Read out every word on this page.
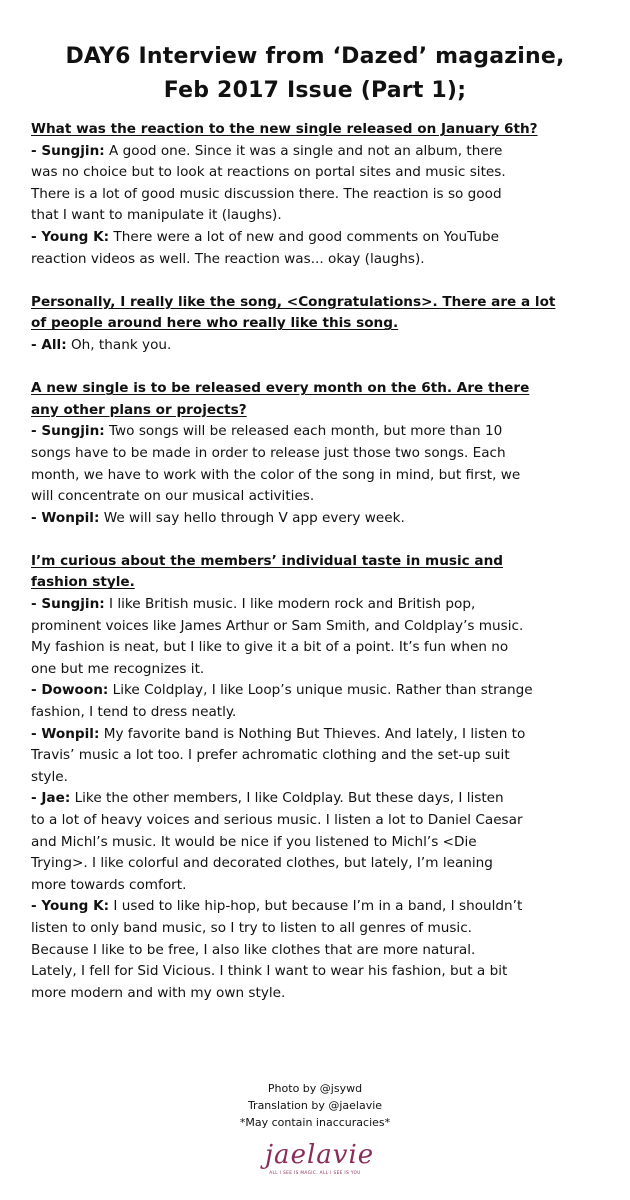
DAY6 Interview from ‘Dazed’ magazine,
Feb 2017 Issue (Part 1);
What was the reaction to the new single released on January 6th?
- Sungjin: A good one. Since it was a single and not an album, there
was no choice but to look at reactions on portal sites and music sites.
There is a lot of good music discussion there. The reaction is so good
that I want to manipulate it (laughs).
- Young K: There were a lot of new and good comments on YouTube
reaction videos as well. The reaction was... okay (laughs).
Personally, I really like the song, <Congratulations>. There are a lot
of people around here who really like this song.
- All: Oh, thank you.
A new single is to be released every month on the 6th. Are there
any other plans or projects?
- Sungjin: Two songs will be released each month, but more than 10
songs have to be made in order to release just those two songs. Each
month, we have to work with the color of the song in mind, but first, we
will concentrate on our musical activities.
- Wonpil: We will say hello through V app every week.
I’m curious about the members’ individual taste in music and
fashion style.
- Sungjin: I like British music. I like modern rock and British pop,
prominent voices like James Arthur or Sam Smith, and Coldplay’s music.
My fashion is neat, but I like to give it a bit of a point. It’s fun when no
one but me recognizes it.
- Dowoon: Like Coldplay, I like Loop’s unique music. Rather than strange
fashion, I tend to dress neatly.
- Wonpil: My favorite band is Nothing But Thieves. And lately, I listen to
Travis’ music a lot too. I prefer achromatic clothing and the set-up suit
style.
- Jae: Like the other members, I like Coldplay. But these days, I listen
to a lot of heavy voices and serious music. I listen a lot to Daniel Caesar
and Michl’s music. It would be nice if you listened to Michl’s <Die
Trying>. I like colorful and decorated clothes, but lately, I’m leaning
more towards comfort.
- Young K: I used to like hip-hop, but because I’m in a band, I shouldn’t
listen to only band music, so I try to listen to all genres of music.
Because I like to be free, I also like clothes that are more natural.
Lately, I fell for Sid Vicious. I think I want to wear his fashion, but a bit
more modern and with my own style.
Photo by @jsywd
Translation by @jaelavie
*May contain inaccuracies*
jaelavie
ALL I SEE IS MAGIC. ALL I SEE IS YOU
